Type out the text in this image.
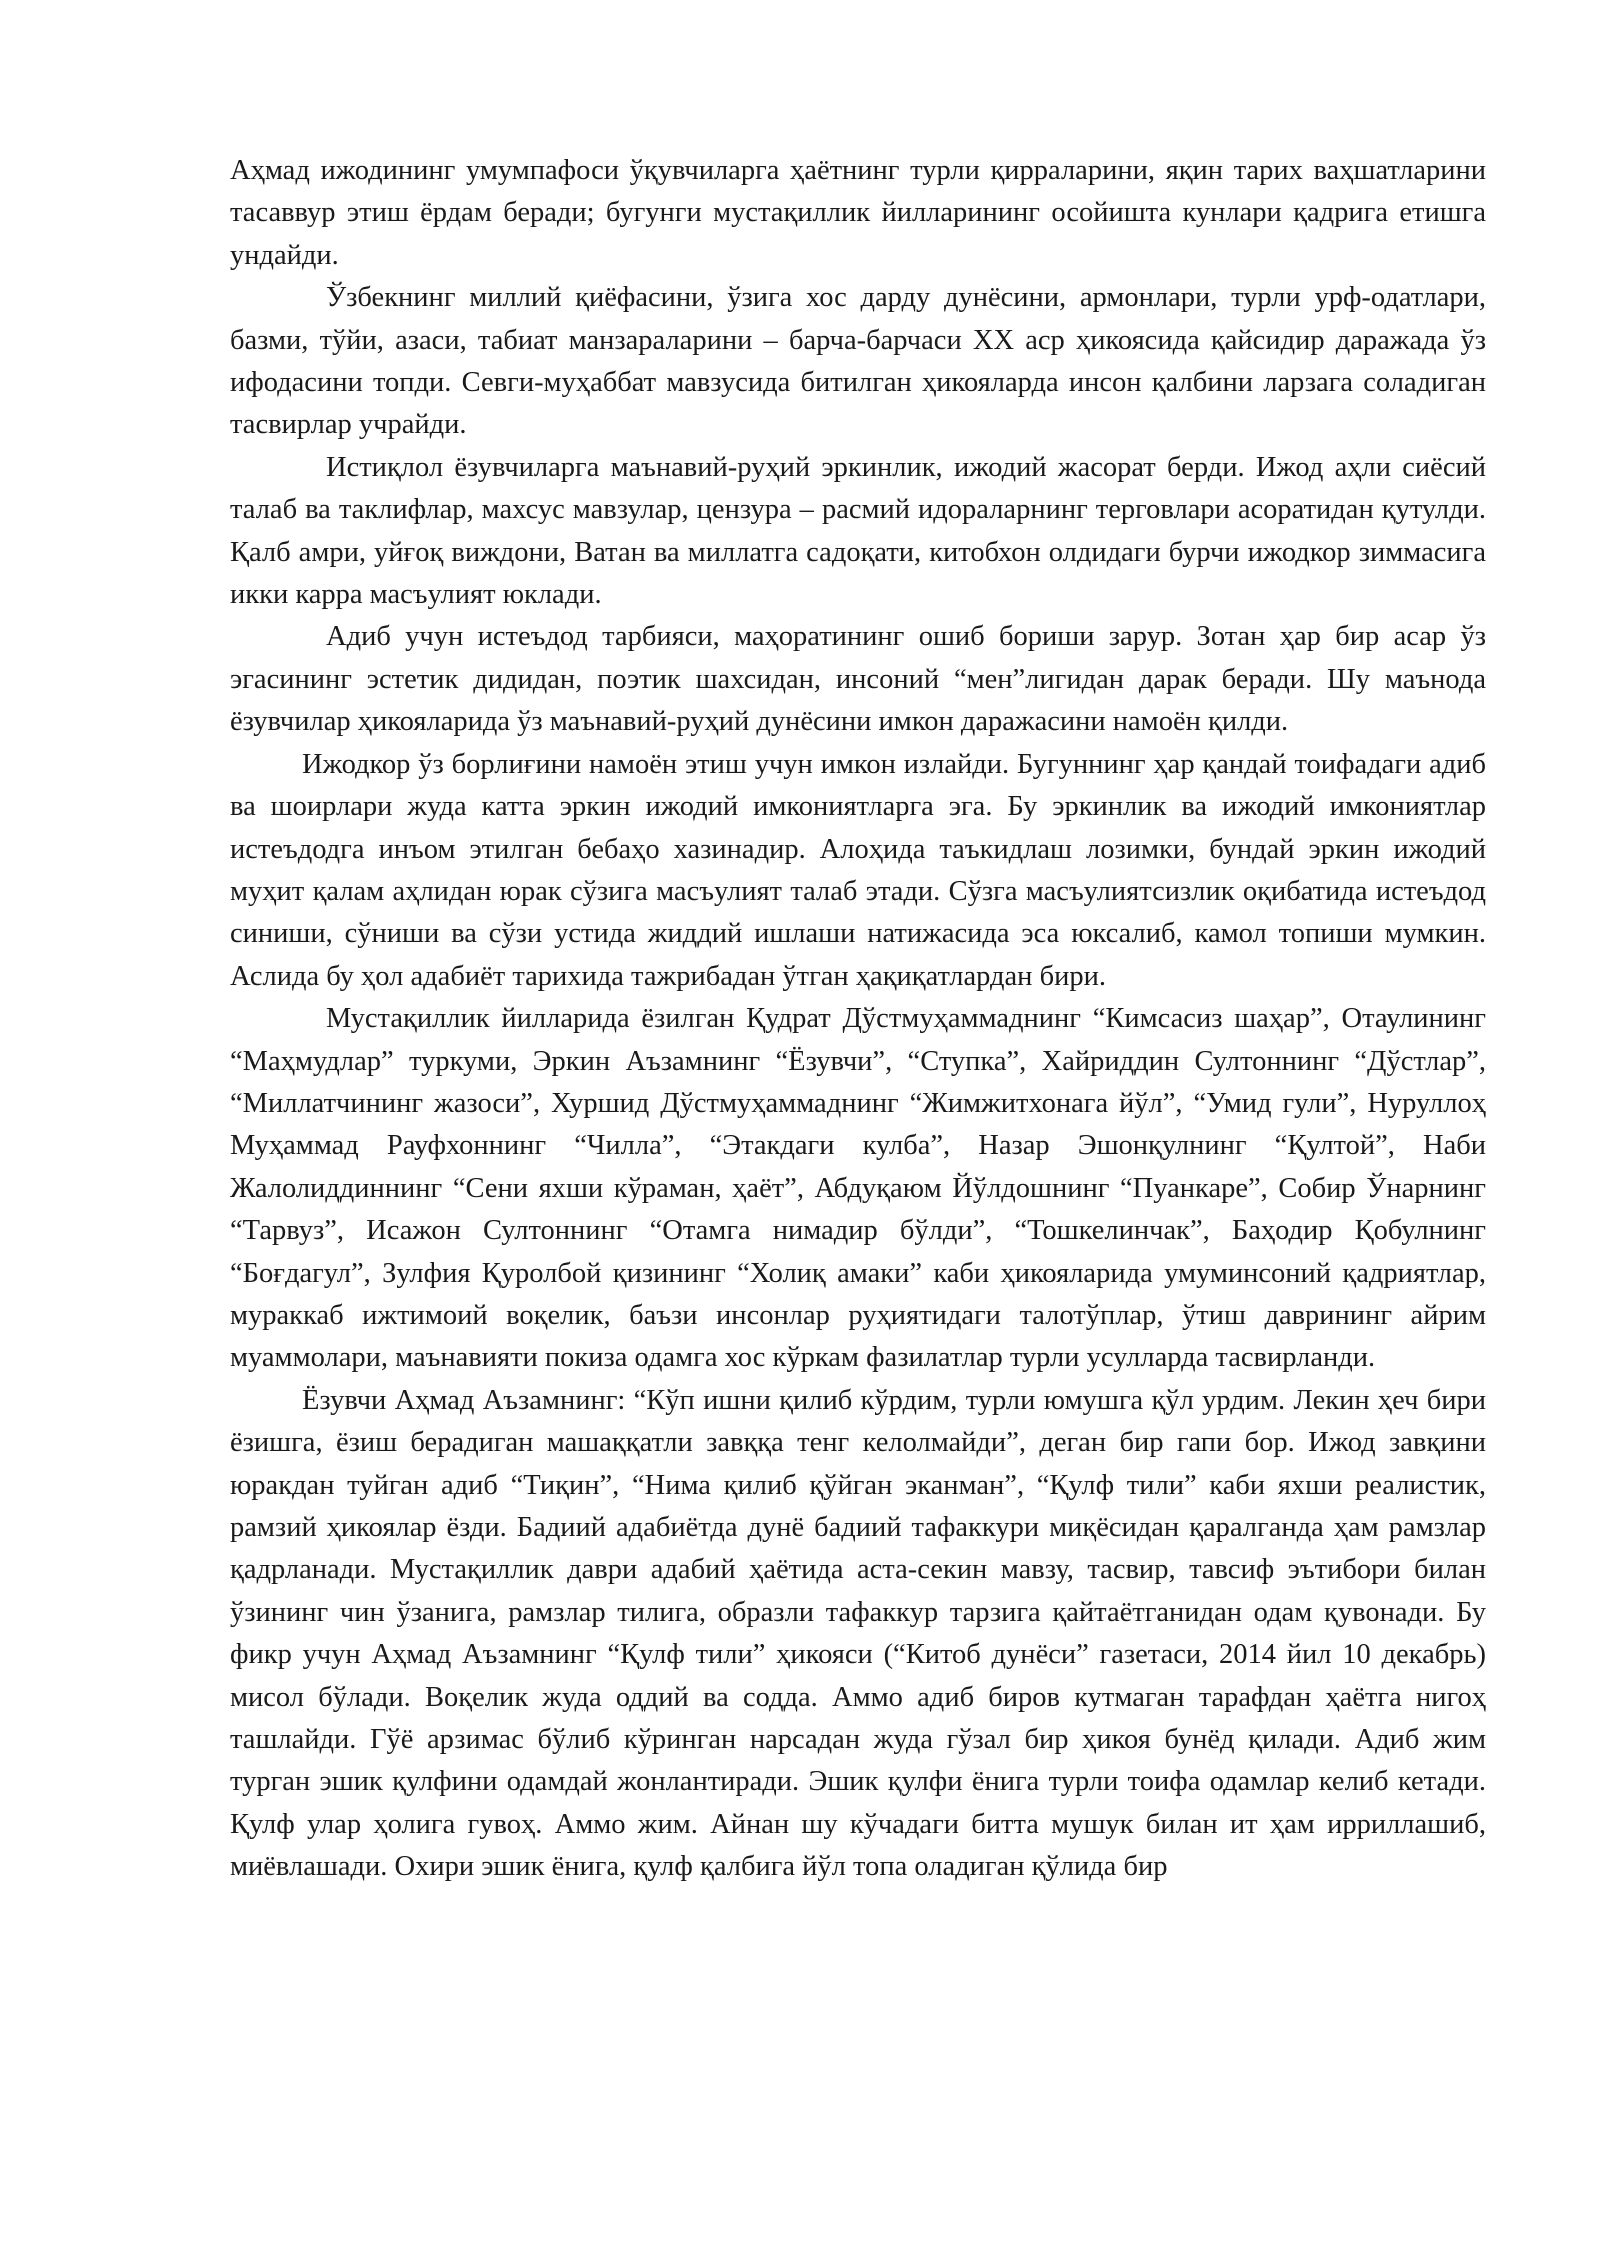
Аҳмад ижодининг умумпафоси ўқувчиларга ҳаётнинг турли қирраларини, яқин тарих ваҳшатларини тасаввур этиш ёрдам беради; бугунги мустақиллик йилларининг осойишта кунлари қадрига етишга ундайди.

Ўзбекнинг миллий қиёфасини, ўзига хос дарду дунёсини, армонлари, турли урф-одатлари, базми, тўйи, азаси, табиат манзараларини – барча-барчаси XX аср ҳикоясида қайсидир даражада ўз ифодасини топди. Севги-муҳаббат мавзусида битилган ҳикояларда инсон қалбини ларзага соладиган тасвирлар учрайди.

Истиқлол ёзувчиларга маънавий-руҳий эркинлик, ижодий жасорат берди. Ижод аҳли сиёсий талаб ва таклифлар, махсус мавзулар, цензура – расмий идораларнинг терговлари асоратидан қутулди. Қалб амри, уйғоқ виждони, Ватан ва миллатга садоқати, китобхон олдидаги бурчи ижодкор зиммасига икки карра масъулият юклади.

Адиб учун истеъдод тарбияси, маҳоратининг ошиб бориши зарур. Зотан ҳар бир асар ўз эгасининг эстетик дидидан, поэтик шахсидан, инсоний “мен”лигидан дарак беради. Шу маънода ёзувчилар ҳикояларида ўз маънавий-руҳий дунёсини имкон даражасини намоён қилди.

Ижодкор ўз борлиғини намоён этиш учун имкон излайди. Бугуннинг ҳар қандай тоифадаги адиб ва шоирлари жуда катта эркин ижодий имкониятларга эга. Бу эркинлик ва ижодий имкониятлар истеъдодга инъом этилган бебаҳо хазинадир. Алоҳида таъкидлаш лозимки, бундай эркин ижодий муҳит қалам аҳлидан юрак сўзига масъулият талаб этади. Сўзга масъулиятсизлик оқибатида истеъдод синиши, сўниши ва сўзи устида жиддий ишлаши натижасида эса юксалиб, камол топиши мумкин. Аслида бу ҳол адабиёт тарихида тажрибадан ўтган ҳақиқатлардан бири.

Мустақиллик йилларида ёзилган Қудрат Дўстмуҳаммаднинг “Кимсасиз шаҳар”, Отаулининг “Маҳмудлар” туркуми, Эркин Аъзамнинг “Ёзувчи”, “Ступка”, Хайриддин Султоннинг “Дўстлар”, “Миллатчининг жазоси”, Хуршид Дўстмуҳаммаднинг “Жимжитхонага йўл”, “Умид гули”, Нуруллоҳ Муҳаммад Рауфхоннинг “Чилла”, “Этакдаги кулба”, Назар Эшонқулнинг “Қултой”, Наби Жалолиддиннинг “Сени яхши кўраман, ҳаёт”, Абдуқаюм Йўлдошнинг “Пуанкаре”, Собир Ўнарнинг “Тарвуз”, Исажон Султоннинг “Отамга нимадир бўлди”, “Тошкелинчак”, Баҳодир Қобулнинг “Бoғдагул”, Зулфия Қуролбой қизининг “Холиқ амаки” каби ҳикояларида умуминсоний қадриятлар, мураккаб ижтимоий воқелик, баъзи инсонлар руҳиятидаги талотўплар, ўтиш даврининг айрим муаммолари, маънавияти покиза одамга хос кўркам фазилатлар турли усулларда тасвирланди.

Ёзувчи Аҳмад Аъзамнинг: “Кўп ишни қилиб кўрдим, турли юмушга қўл урдим. Лекин ҳеч бири ёзишга, ёзиш берадиган машаққатли завққа тенг келолмайди”, деган бир гапи бор. Ижод завқини юракдан туйган адиб “Тиқин”, “Нима қилиб қўйган эканман”, “Қулф тили” каби яхши реалистик, рамзий ҳикоялар ёзди. Бадиий адабиётда дунё бадиий тафаккури миқёсидан қаралганда ҳам рамзлар қадрланади. Мустақиллик даври адабий ҳаётида аста-секин мавзу, тасвир, тавсиф эътибори билан ўзининг чин ўзанига, рамзлар тилига, образли тафаккур тарзига қайтаётганидан одам қувонади. Бу фикр учун Аҳмад Аъзамнинг “Қулф тили” ҳикояси (“Китоб дунёси” газетаси, 2014 йил 10 декабрь) мисол бўлади. Воқелик жуда оддий ва содда. Аммо адиб биров кутмаган тарафдан ҳаётга нигоҳ ташлайди. Гўё арзимас бўлиб кўринган нарсадан жуда гўзал бир ҳикоя бунёд қилади. Адиб жим турган эшик қулфини одамдай жонлантиради. Эшик қулфи ёнига турли тоифа одамлар келиб кетади. Қулф улар ҳолига гувоҳ. Аммо жим. Айнан шу кўчадаги битта мушук билан ит ҳам ирриллашиб, миёвлашади. Охири эшик ёнига, қулф қалбига йўл топа оладиган қўлида бир
